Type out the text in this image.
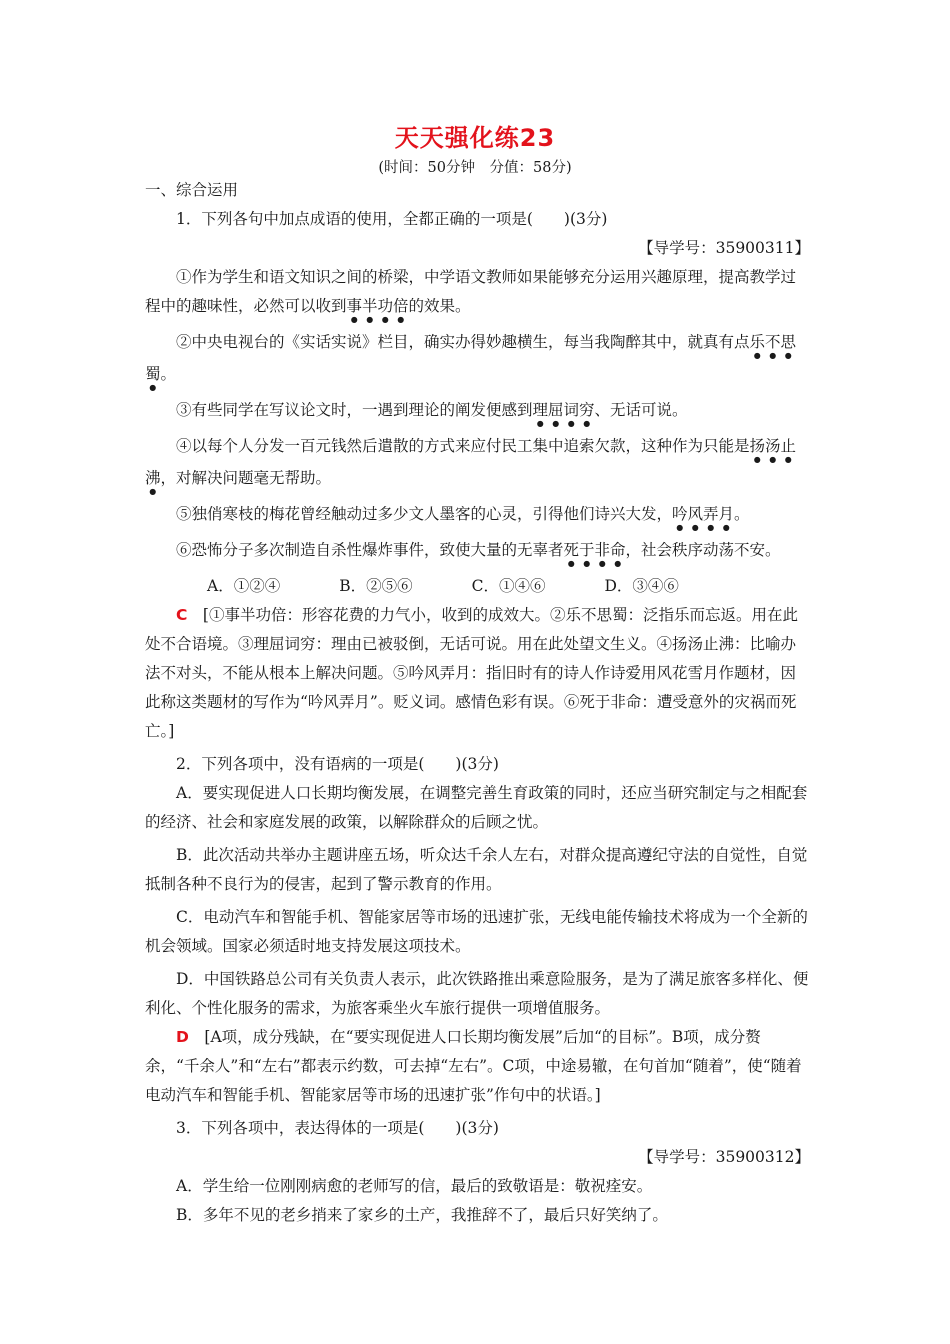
天天强化练23
(时间：50分钟　分值：58分)

一、综合运用

1．下列各句中加点成语的使用，全都正确的一项是(　　)(3分)

【导学号：35900311】

①作为学生和语文知识之间的桥梁，中学语文教师如果能够充分运用兴趣原理，提高教学过程中的趣味性，必然可以收到事半功倍的效果。

②中央电视台的《实话实说》栏目，确实办得妙趣横生，每当我陶醉其中，就真有点乐不思蜀。

③有些同学在写议论文时，一遇到理论的阐发便感到理屈词穷、无话可说。

④以每个人分发一百元钱然后遣散的方式来应付民工集中追索欠款，这种作为只能是扬汤止沸，对解决问题毫无帮助。

⑤独俏寒枝的梅花曾经触动过多少文人墨客的心灵，引得他们诗兴大发，吟风弄月。

⑥恐怖分子多次制造自杀性爆炸事件，致使大量的无辜者死于非命，社会秩序动荡不安。

A．①②④	B．②⑤⑥	C．①④⑥	D．③④⑥

C　 [①事半功倍：形容花费的力气小，收到的成效大。②乐不思蜀：泛指乐而忘返。用在此处不合语境。③理屈词穷：理由已被驳倒，无话可说。用在此处望文生义。④扬汤止沸：比喻办法不对头，不能从根本上解决问题。⑤吟风弄月：指旧时有的诗人作诗爱用风花雪月作题材，因此称这类题材的写作为“吟风弄月”。贬义词。感情色彩有误。⑥死于非命：遭受意外的灾祸而死亡。]

2．下列各项中，没有语病的一项是(　　)(3分)

A．要实现促进人口长期均衡发展，在调整完善生育政策的同时，还应当研究制定与之相配套的经济、社会和家庭发展的政策，以解除群众的后顾之忧。

B．此次活动共举办主题讲座五场，听众达千余人左右，对群众提高遵纪守法的自觉性，自觉抵制各种不良行为的侵害，起到了警示教育的作用。

C．电动汽车和智能手机、智能家居等市场的迅速扩张，无线电能传输技术将成为一个全新的机会领域。国家必须适时地支持发展这项技术。

D．中国铁路总公司有关负责人表示，此次铁路推出乘意险服务，是为了满足旅客多样化、便利化、个性化服务的需求，为旅客乘坐火车旅行提供一项增值服务。

D　 [A项，成分残缺，在“要实现促进人口长期均衡发展”后加“的目标”。B项，成分赘余，“千余人”和“左右”都表示约数，可去掉“左右”。C项，中途易辙，在句首加“随着”，使“随着电动汽车和智能手机、智能家居等市场的迅速扩张”作句中的状语。]

3．下列各项中，表达得体的一项是(　　)(3分)

【导学号：35900312】

A．学生给一位刚刚病愈的老师写的信，最后的致敬语是：敬祝痊安。

B．多年不见的老乡捎来了家乡的土产，我推辞不了，最后只好笑纳了。
